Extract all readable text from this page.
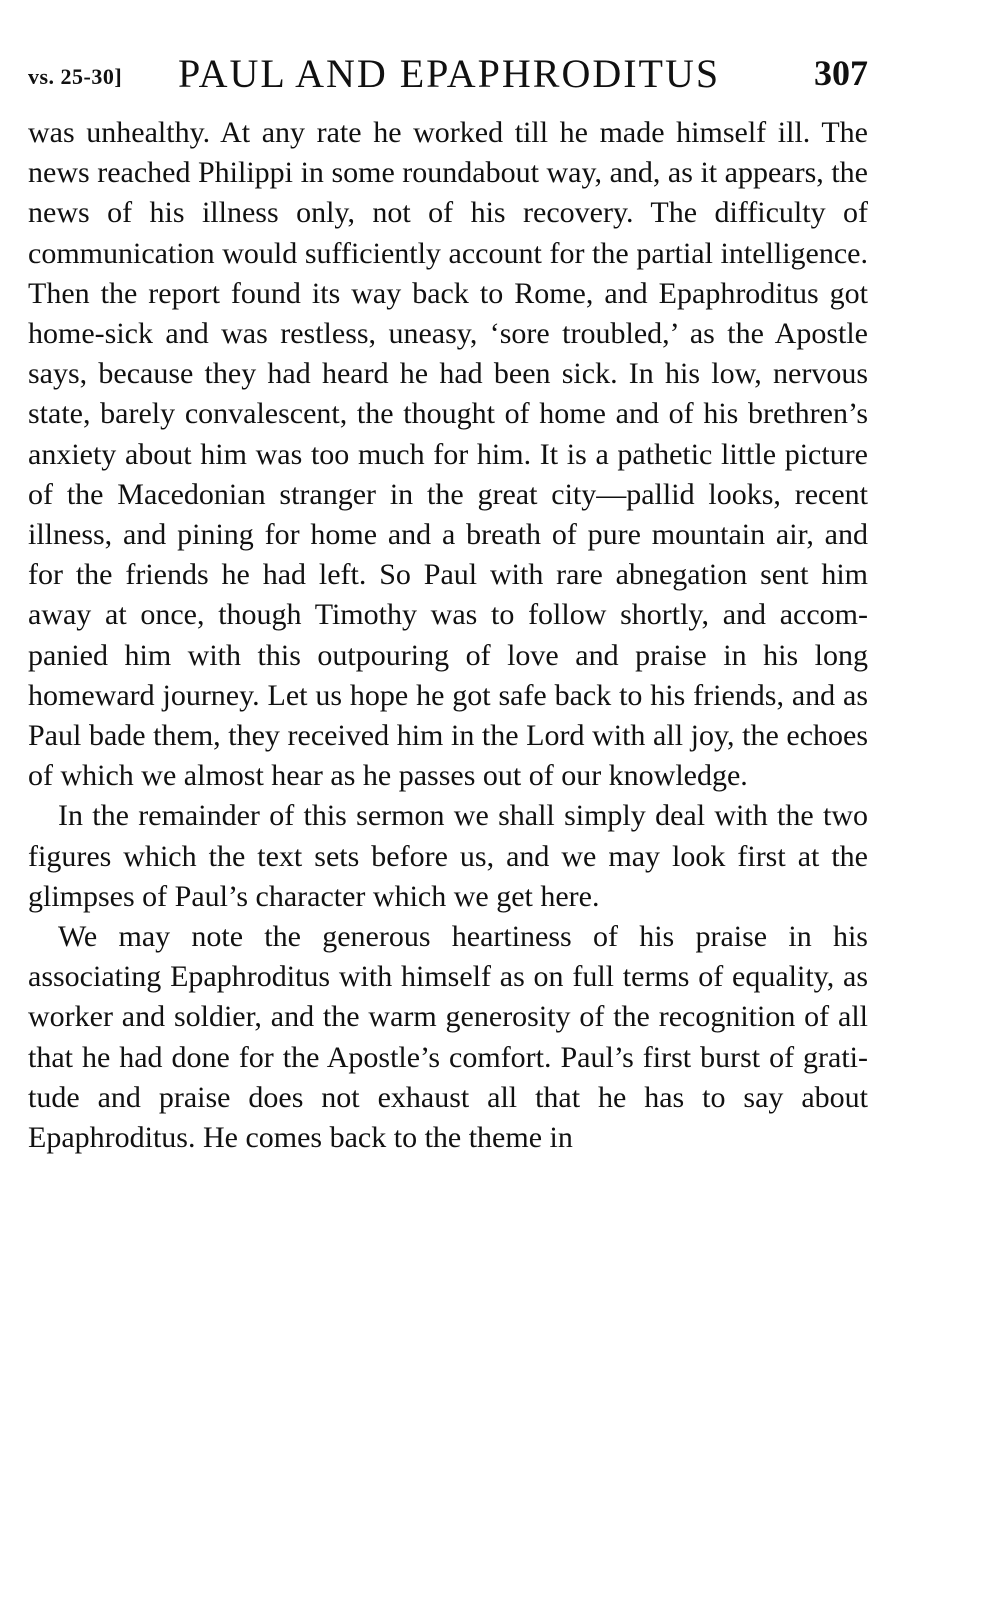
vs. 25-30] PAUL AND EPAPHRODITUS	307

was unhealthy. At any rate he worked till he made himself ill. The news reached Philippi in some roundabout way, and, as it appears, the news of his illness only, not of his recovery. The difficulty of communication would sufficiently account for the partial intelligence. Then the report found its way back to Rome, and Epaphroditus got home-sick and was restless, uneasy, ‘sore troubled,’ as the Apostle says, because they had heard he had been sick. In his low, nervous state, barely convalescent, the thought of home and of his brethren’s anxiety about him was too much for him. It is a pathetic little picture of the Macedonian stranger in the great city—pallid looks, recent illness, and pining for home and a breath of pure mountain air, and for the friends he had left. So Paul with rare abnegation sent him away at once, though Timothy was to follow shortly, and accompanied him with this outpouring of love and praise in his long homeward journey. Let us hope he got safe back to his friends, and as Paul bade them, they received him in the Lord with all joy, the echoes of which we almost hear as he passes out of our knowledge.

In the remainder of this sermon we shall simply deal with the two figures which the text sets before us, and we may look first at the glimpses of Paul’s character which we get here.

We may note the generous heartiness of his praise in his associating Epaphroditus with himself as on full terms of equality, as worker and soldier, and the warm generosity of the recognition of all that he had done for the Apostle’s comfort. Paul’s first burst of gratitude and praise does not exhaust all that he has to say about Epaphroditus. He comes back to the theme in
